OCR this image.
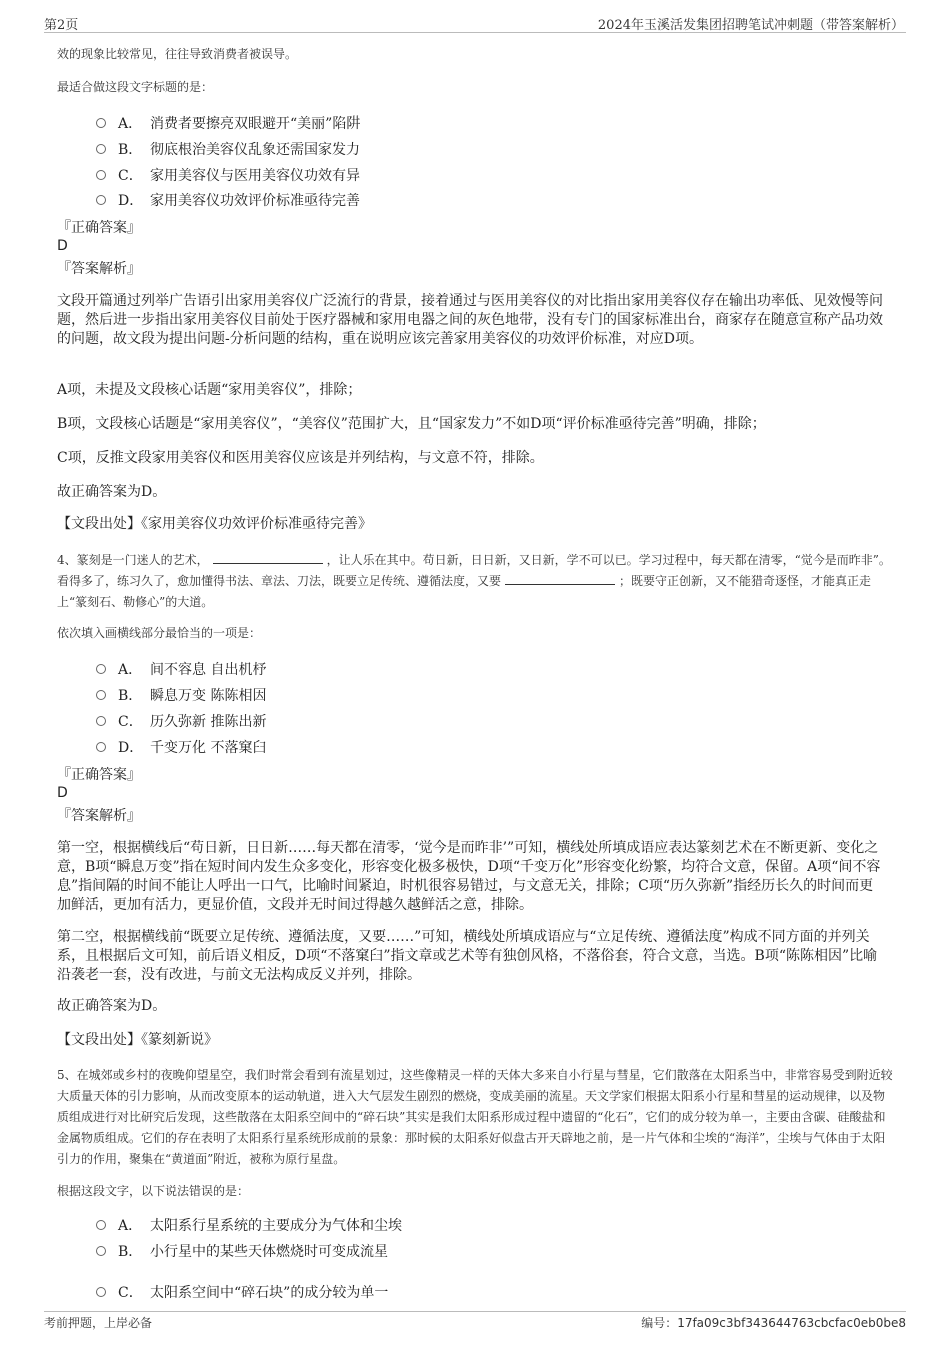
第2页	2024年玉溪活发集团招聘笔试冲刺题（带答案解析）
效的现象比较常见，往往导致消费者被误导。
最适合做这段文字标题的是：
A． 消费者要擦亮双眼避开“美丽”陷阱
B． 彻底根治美容仪乱象还需国家发力
C． 家用美容仪与医用美容仪功效有异
D． 家用美容仪功效评价标准亟待完善
『正确答案』
D
『答案解析』
文段开篇通过列举广告语引出家用美容仪广泛流行的背景，接着通过与医用美容仪的对比指出家用美容仪存在输出功率低、见效慢等问题，然后进一步指出家用美容仪目前处于医疗器械和家用电器之间的灰色地带，没有专门的国家标准出台，商家存在随意宣称产品功效的问题，故文段为提出问题-分析问题的结构，重在说明应该完善家用美容仪的功效评价标准，对应D项。
A项，未提及文段核心话题“家用美容仪”，排除；
B项，文段核心话题是“家用美容仪”，“美容仪”范围扩大，且“国家发力”不如D项“评价标准亟待完善”明确，排除；
C项，反推文段家用美容仪和医用美容仪应该是并列结构，与文意不符，排除。
故正确答案为D。
【文段出处】《家用美容仪功效评价标准亟待完善》
4、篆刻是一门迷人的艺术，	，让人乐在其中。苟日新，日日新，又日新，学不可以已。学习过程中，每天都在清零，“觉今是而昨非”。看得多了，练习久了，愈加懂得书法、章法、刀法，既要立足传统、遵循法度，又要	；既要守正创新，又不能猎奇逐怪，才能真正走上“篆刻石、勒修心”的大道。
依次填入画横线部分最恰当的一项是：
A． 间不容息 自出机杼
B． 瞬息万变 陈陈相因
C． 历久弥新 推陈出新
D． 千变万化 不落窠臼
『正确答案』
D
『答案解析』
第一空，根据横线后“苟日新，日日新……每天都在清零，‘觉今是而昨非’”可知，横线处所填成语应表达篆刻艺术在不断更新、变化之意，B项“瞬息万变”指在短时间内发生众多变化，形容变化极多极快，D项“千变万化”形容变化纷繁，均符合文意，保留。A项“间不容息”指间隔的时间不能让人呼出一口气，比喻时间紧迫，时机很容易错过，与文意无关，排除；C项“历久弥新”指经历长久的时间而更加鲜活，更加有活力，更显价值，文段并无时间过得越久越鲜活之意，排除。
第二空，根据横线前“既要立足传统、遵循法度，又要……”可知，横线处所填成语应与“立足传统、遵循法度”构成不同方面的并列关系，且根据后文可知，前后语义相反，D项“不落窠臼”指文章或艺术等有独创风格，不落俗套，符合文意，当选。B项“陈陈相因”比喻沿袭老一套，没有改进，与前文无法构成反义并列，排除。
故正确答案为D。
【文段出处】《篆刻新说》
5、在城郊或乡村的夜晚仰望星空，我们时常会看到有流星划过，这些像精灵一样的天体大多来自小行星与彗星，它们散落在太阳系当中，非常容易受到附近较大质量天体的引力影响，从而改变原本的运动轨道，进入大气层发生剧烈的燃烧，变成美丽的流星。天文学家们根据太阳系小行星和彗星的运动规律，以及物质组成进行对比研究后发现，这些散落在太阳系空间中的“碎石块”其实是我们太阳系形成过程中遗留的“化石”，它们的成分较为单一，主要由含碳、硅酸盐和金属物质组成。它们的存在表明了太阳系行星系统形成前的景象：那时候的太阳系好似盘古开天辟地之前，是一片气体和尘埃的“海洋”，尘埃与气体由于太阳引力的作用，聚集在“黄道面”附近，被称为原行星盘。
根据这段文字，以下说法错误的是：
A． 太阳系行星系统的主要成分为气体和尘埃
B． 小行星中的某些天体燃烧时可变成流星
C． 太阳系空间中“碎石块”的成分较为单一
考前押题，上岸必备	编号：17fa09c3bf343644763cbcfac0eb0be8
